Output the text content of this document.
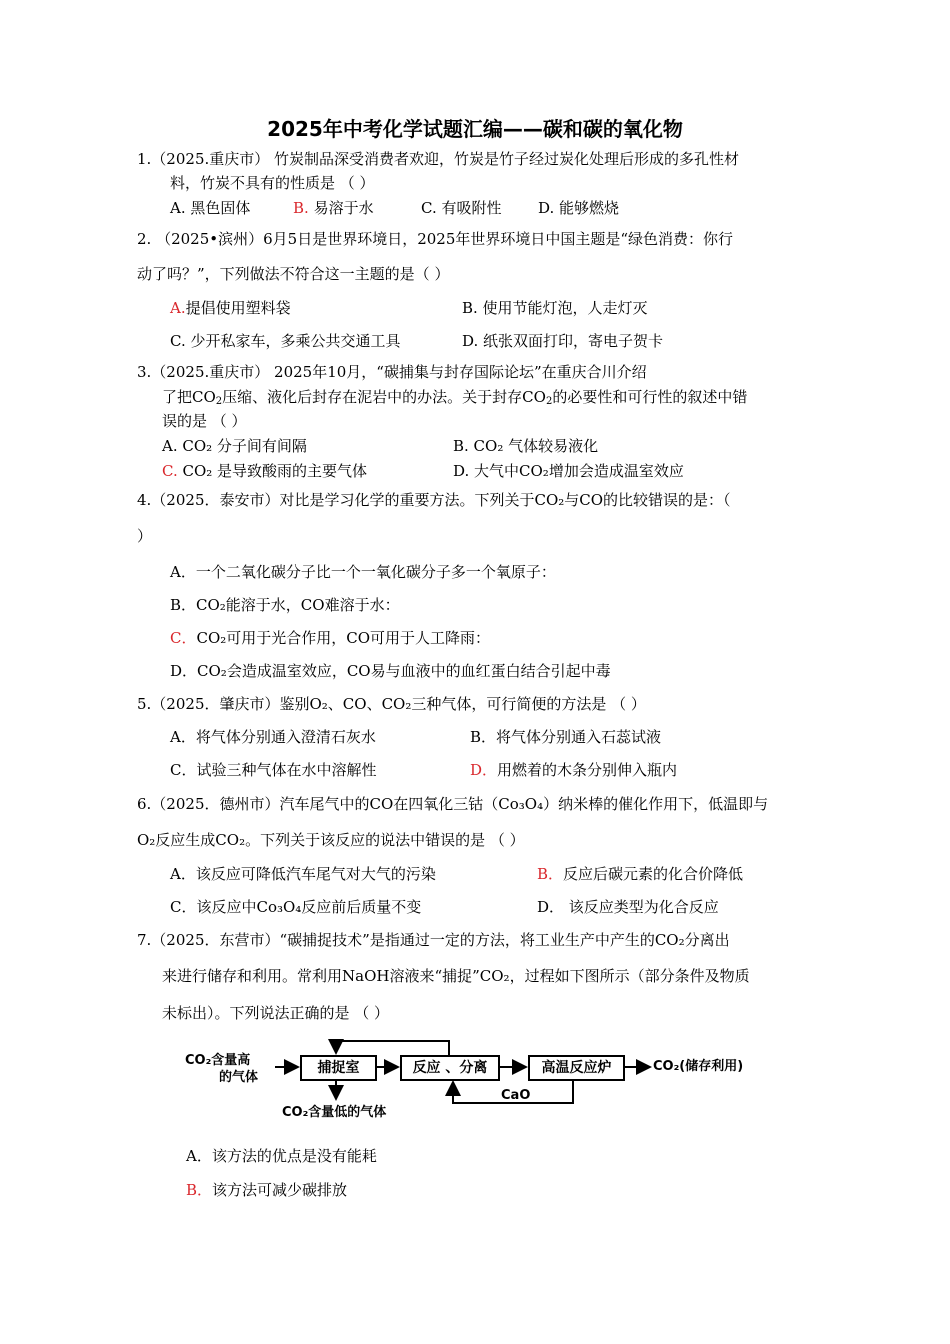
2025年中考化学试题汇编——碳和碳的氧化物
1.（2025.重庆市） 竹炭制品深受消费者欢迎，竹炭是竹子经过炭化处理后形成的多孔性材
料，竹炭不具有的性质是 （ ）
A. 黑色固体	B. 易溶于水	C. 有吸附性 D. 能够燃烧
2. （2025•滨州）6月5日是世界环境日，2025年世界环境日中国主题是“绿色消费：你行
动了吗？”，下列做法不符合这一主题的是（ ）
A.提倡使用塑料袋	B. 使用节能灯泡，人走灯灭
C. 少开私家车，多乘公共交通工具	D. 纸张双面打印，寄电子贺卡
3.（2025.重庆市） 2025年10月，“碳捕集与封存国际论坛”在重庆合川介绍
了把$CO_2$压缩、液化后封存在泥岩中的办法。关于封存$CO_2$的必要性和可行性的叙述中错
误的是 （ ）
A. CO₂ 分子间有间隔	B. CO₂ 气体较易液化
C. CO₂ 是导致酸雨的主要气体	D. 大气中CO₂增加会造成温室效应
4.（2025．泰安市）对比是学习化学的重要方法。下列关于CO₂与CO的比较错误的是：（
）
A．一个二氧化碳分子比一个一氧化碳分子多一个氧原子：
B．CO₂能溶于水，CO难溶于水：
C．CO₂可用于光合作用，CO可用于人工降雨：
D．CO₂会造成温室效应，CO易与血液中的血红蛋白结合引起中毒
5.（2025．肇庆市）鉴别O₂、CO、CO₂三种气体，可行简便的方法是 （ ）
A．将气体分别通入澄清石灰水	B．将气体分别通入石蕊试液
C．试验三种气体在水中溶解性	D．用燃着的木条分别伸入瓶内
6.（2025．德州市）汽车尾气中的CO在四氧化三钴（Co₃O₄）纳米棒的催化作用下，低温即与
O₂反应生成CO₂。下列关于该反应的说法中错误的是 （ ）
A．该反应可降低汽车尾气对大气的污染	B．反应后碳元素的化合价降低
C．该反应中Co₃O₄反应前后质量不变	D． 该反应类型为化合反应
7.（2025．东营市）“碳捕捉技术”是指通过一定的方法，将工业生产中产生的CO₂分离出
来进行储存和利用。常利用NaOH溶液来“捕捉”CO₂，过程如下图所示（部分条件及物质
未标出）。下列说法正确的是 （ ）
CO₂含量高
的气体
捕捉室	反应 、分离	高温反应炉	CO₂(储存利用)
CO₂含量低的气体
CaO
A．该方法的优点是没有能耗
B．该方法可减少碳排放
